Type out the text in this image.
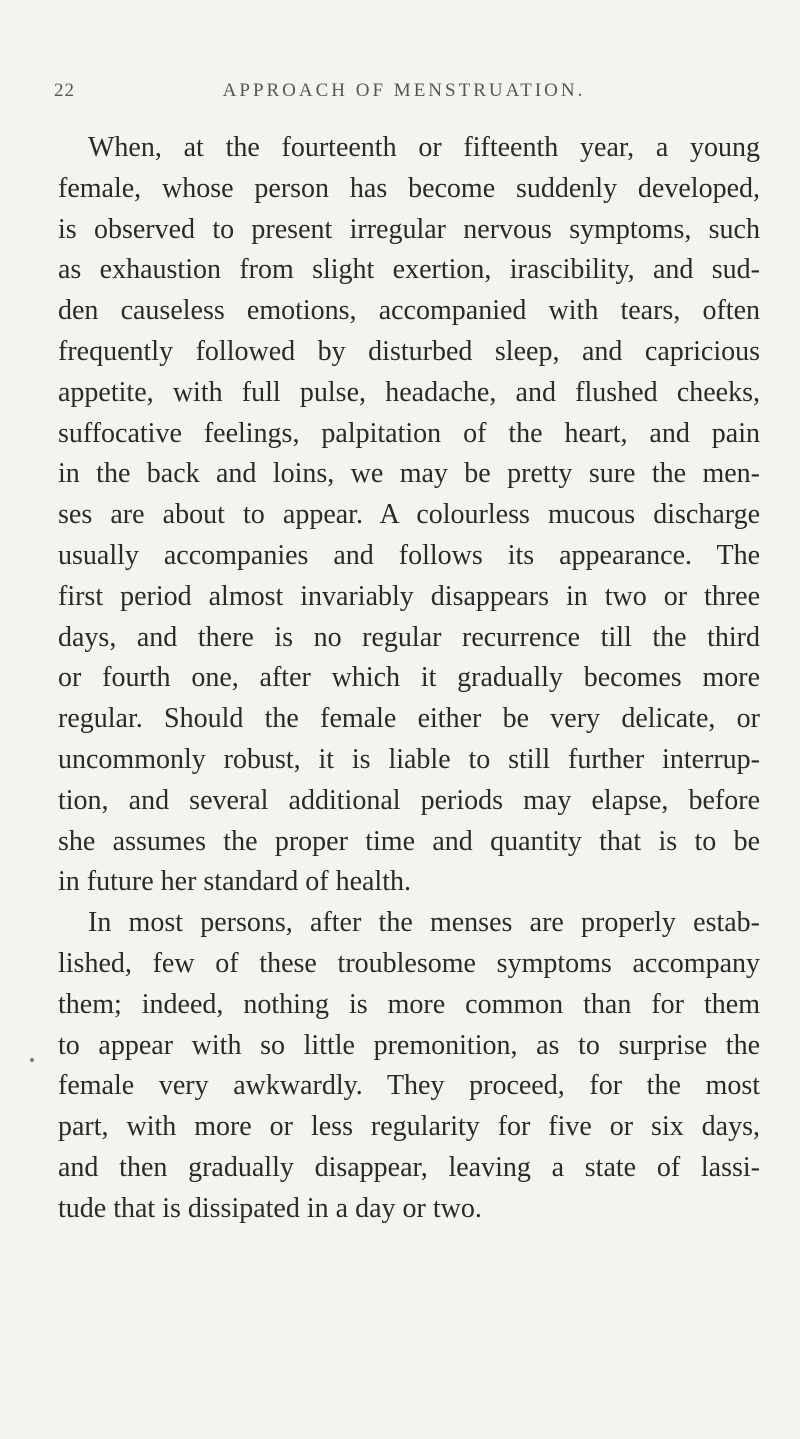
22	APPROACH OF MENSTRUATION.

When, at the fourteenth or fifteenth year, a young
female, whose person has become suddenly developed,
is observed to present irregular nervous symptoms, such
as exhaustion from slight exertion, irascibility, and sud-
den causeless emotions, accompanied with tears, often
frequently followed by disturbed sleep, and capricious
appetite, with full pulse, headache, and flushed cheeks,
suffocative feelings, palpitation of the heart, and pain
in the back and loins, we may be pretty sure the men-
ses are about to appear. A colourless mucous discharge
usually accompanies and follows its appearance. The
first period almost invariably disappears in two or three
days, and there is no regular recurrence till the third
or fourth one, after which it gradually becomes more
regular. Should the female either be very delicate, or
uncommonly robust, it is liable to still further interrup-
tion, and several additional periods may elapse, before
she assumes the proper time and quantity that is to be
in future her standard of health.

In most persons, after the menses are properly estab-
lished, few of these troublesome symptoms accompany
them; indeed, nothing is more common than for them
to appear with so little premonition, as to surprise the
female very awkwardly. They proceed, for the most
part, with more or less regularity for five or six days,
and then gradually disappear, leaving a state of lassi-
tude that is dissipated in a day or two.
